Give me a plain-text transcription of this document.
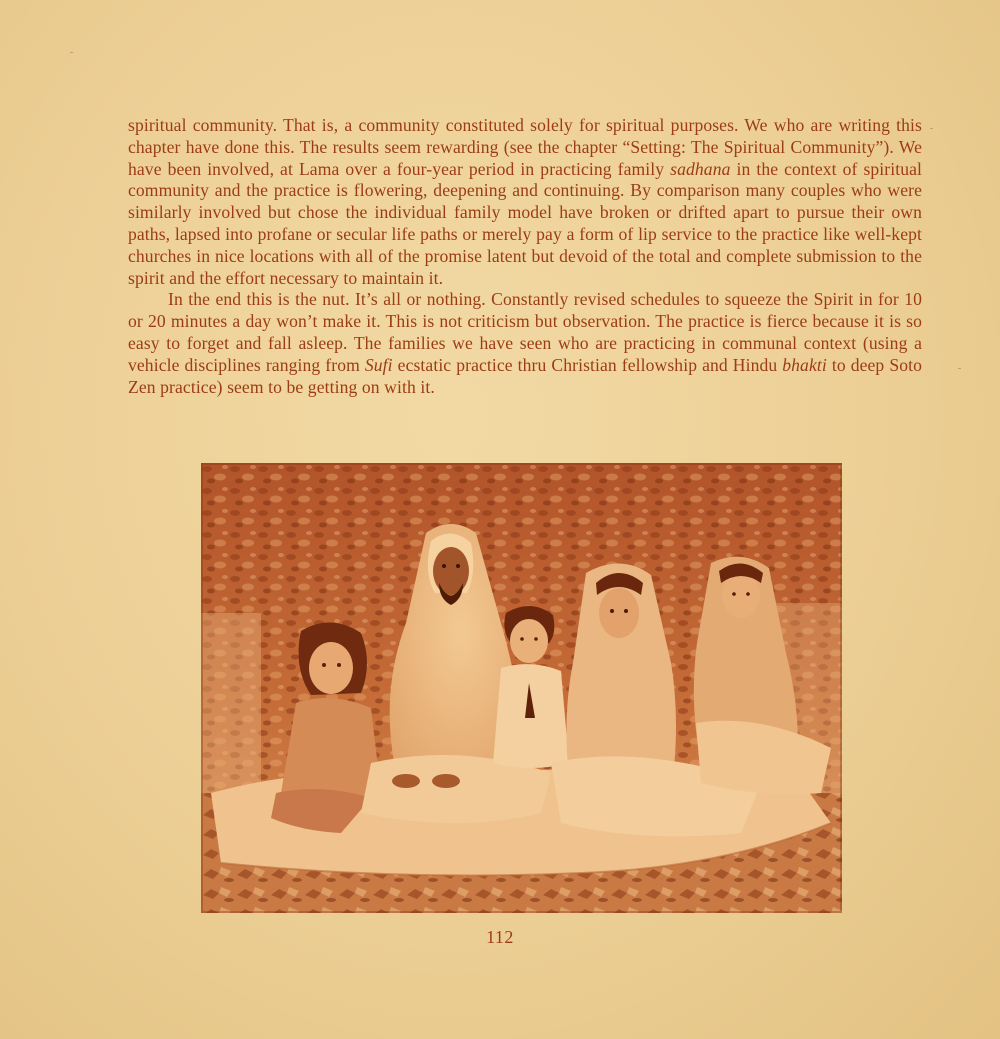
spiritual community. That is, a community constituted solely for spiritual purposes. We who are writing this chapter have done this. The results seem rewarding (see the chapter “Setting: The Spiritual Community”). We have been involved, at Lama over a four-year period in practicing family sadhana in the context of spiritual community and the practice is flowering, deepening and continuing. By comparison many couples who were similarly involved but chose the individual family model have broken or drifted apart to pursue their own paths, lapsed into profane or secular life paths or merely pay a form of lip service to the practice like well-kept churches in nice locations with all of the promise latent but devoid of the total and complete submission to the spirit and the effort necessary to maintain it.

In the end this is the nut. It’s all or nothing. Constantly revised schedules to squeeze the Spirit in for 10 or 20 minutes a day won’t make it. This is not criticism but observation. The practice is fierce because it is so easy to forget and fall asleep. The families we have seen who are practicing in communal context (using a vehicle disciplines ranging from Sufi ecstatic practice thru Christian fellowship and Hindu bhakti to deep Soto Zen practice) seem to be getting on with it.

112
